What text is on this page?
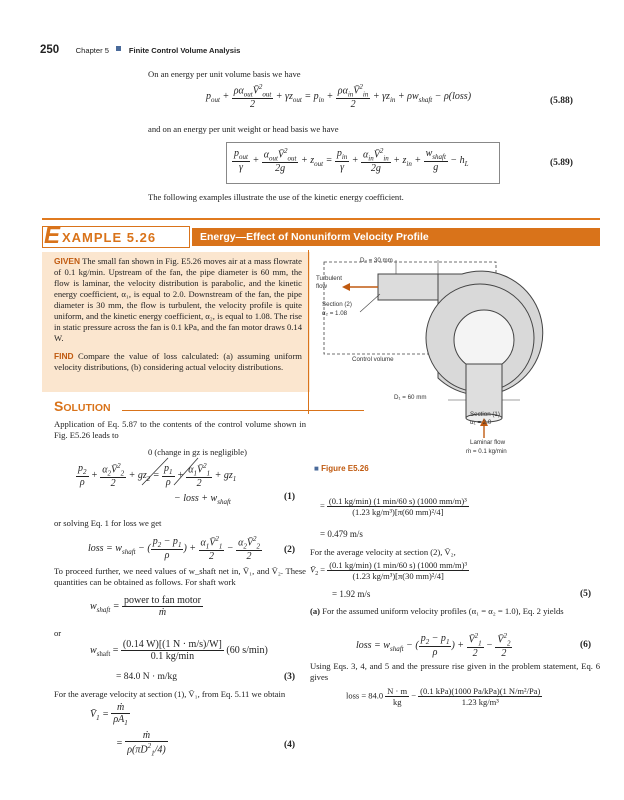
250 Chapter 5	Finite Control Volume Analysis
On an energy per unit volume basis we have
$p_{out} + \frac{\rho\alpha_{out}V̄^2_{out}}{2} + \gamma z_{out} = p_{in} + \frac{\rho\alpha_{in}V̄^2_{in}}{2} + \gamma z_{in} + \rho w_{shaft}$ − ρ(loss)	(5.88)
and on an energy per unit weight or head basis we have
$\frac{p_{out}}{\gamma} + \frac{\alpha_{out}V̄^2_{out}}{2g} + z_{out} = \frac{p_{in}}{\gamma} + \frac{\alpha_{in}V̄^2_{in}}{2g} + z_{in} + \frac{w_{shaft}}{g} - h_L$	(5.89)
The following examples illustrate the use of the kinetic energy coefficient.
E XAMPLE 5.26	Energy—Effect of Nonuniform Velocity Profile
GIVEN The small fan shown in Fig. E5.26 moves air at a mass flowrate of 0.1 kg/min. Upstream of the fan, the pipe diameter is 60 mm, the flow is laminar, the velocity distribution is parabolic, and the kinetic energy coefficient, α₁, is equal to 2.0. Downstream of the fan, the pipe diameter is 30 mm, the flow is turbulent, the velocity profile is quite uniform, and the kinetic energy coefficient, α₂, is equal to 1.08. The rise in static pressure across the fan is 0.1 kPa, and the fan motor draws 0.14 W.
FIND Compare the value of loss calculated: (a) assuming uniform velocity distributions, (b) considering actual velocity distributions.
SOLUTION
Application of Eq. 5.87 to the contents of the control volume shown in Fig. E5.26 leads to
0 (change in gz is negligible)
$\frac{p_2}{\rho} + \frac{\alpha_2V̄^2_2}{2} + gz_2 = \frac{p_1}{\rho} + \frac{\alpha_1V̄^2_1}{2} + gz_1$
− loss + $w_{shaft}$	(1)
or solving Eq. 1 for loss we get
loss = $w_{shaft}$ − ( $\frac{p_2 - p_1}{\rho}$ ) + $\frac{\alpha_1V̄^2_1}{2} - \frac{\alpha_2V̄^2_2}{2} (2)$
To proceed further, we need values of w_shaft net in, V̄₁, and V̄₂. These quantities can be obtained as follows. For shaft work
$w_{shaft} = \frac{\text{power to fan motor}}{\text{ṁ}}$
or
$w_{shaft} = \frac{(0.14 W)[(1 N \cdot m/s)/W]}{0.1 kg/\min} (60$ s/min)
= 84.0 N · m/kg	(3)
For the average velocity at section (1), V̄₁, from Eq. 5.11 we obtain
$V̄_1 = \frac{\text{ṁ}}{\rho A_1}$
= $\frac{\text{ṁ}}{\rho(\pi D^2_1/4)}$	(4)
D₂ = 30 mm
Turbulent flow
Section (2)
α₂ = 1.08
Control volume
D₁ = 60 mm
Section (1)
α₁ = 2.0
Laminar flow
ṁ = 0.1 kg/min
■ Figure E5.26
= $\frac{\text{(0.1 kg/min) (1 min/60 s) (1000 mm/m)³}}{\text{(1.23 kg/m³)[π(60 mm)²/4]}}$
= 0.479 m/s
For the average velocity at section (2), V̄₂,
$V̄_2 = \frac{\text{(0.1 kg/min) (1 min/60 s) (1000 mm/m)³}}{\text{(1.23 kg/m³)[π(30 mm)²/4]}}$
= 1.92 m/s	(5)
(a) For the assumed uniform velocity profiles (α₁ = α₂ = 1.0), Eq. 2 yields
loss = $w_{shaft}$ − ( $\frac{p_2 - p_1}{\rho}$ ) + $\frac{V̄^2_1}{2} - \frac{V̄^2_2}{2}$	(6)
Using Eqs. 3, 4, and 5 and the pressure rise given in the problem statement, Eq. 6 gives
loss = $84.0 \frac{N \cdot m}{kg} - \frac{\text{(0.1 kPa)(1000 Pa/kPa)(1 N/m²/Pa)}}{\text{1.23 kg/m³}}$
